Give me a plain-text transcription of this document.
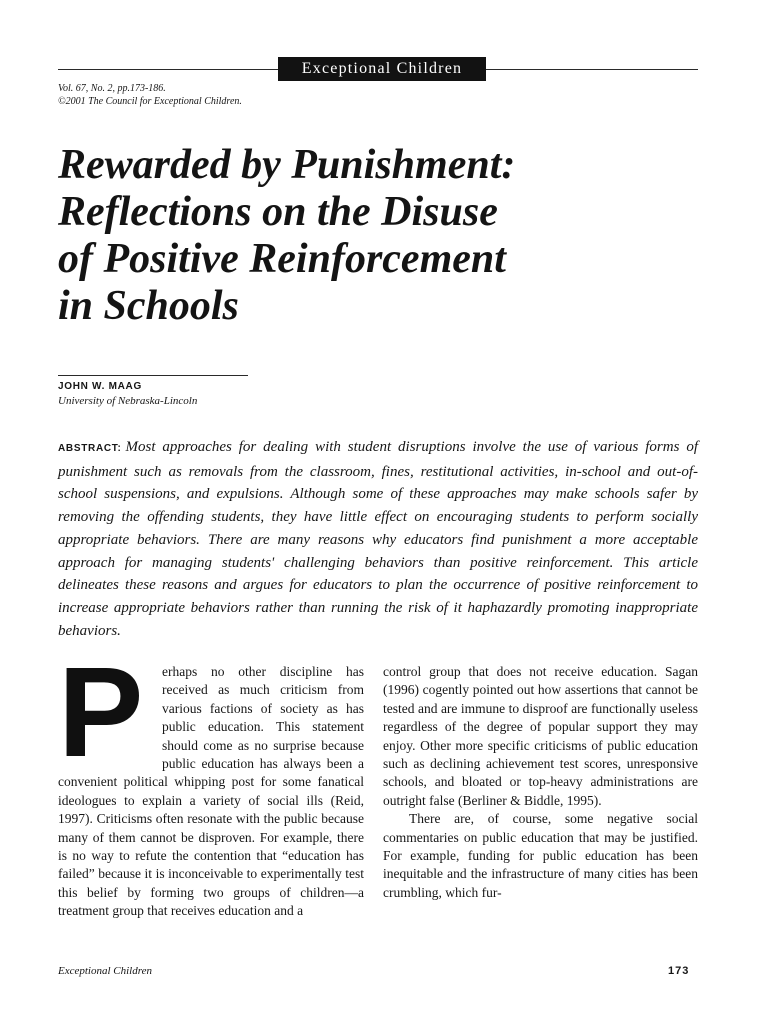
Exceptional Children
Vol. 67, No. 2, pp.173-186.
©2001 The Council for Exceptional Children.
Rewarded by Punishment:
Reflections on the Disuse
of Positive Reinforcement
in Schools
JOHN W. MAAG
University of Nebraska-Lincoln

ABSTRACT: Most approaches for dealing with student disruptions involve the use of various forms of punishment such as removals from the classroom, fines, restitutional activities, in-school and out-of-school suspensions, and expulsions. Although some of these approaches may make schools safer by removing the offending students, they have little effect on encouraging students to perform socially appropriate behaviors. There are many reasons why educators find punishment a more acceptable approach for managing students' challenging behaviors than positive reinforcement. This article delineates these reasons and argues for educators to plan the occurrence of positive reinforcement to increase appropriate behaviors rather than running the risk of it haphazardly promoting inappropriate behaviors.

P	erhaps no other discipline has received as much criticism from various factions of society as has public education. This statement should come as no surprise because public education has always been a convenient political whipping post for some fanatical ideologues to explain a variety of social ills (Reid, 1997). Criticisms often resonate with the public because many of them cannot be disproven. For example, there is no way to refute the contention that “education has failed” because it is inconceivable to experimentally test this belief by forming two groups of children—a treatment group that receives education and a

control group that does not receive education. Sagan (1996) cogently pointed out how assertions that cannot be tested and are immune to disproof are functionally useless regardless of the degree of popular support they may enjoy. Other more specific criticisms of public education such as declining achievement test scores, unresponsive schools, and bloated or top-heavy administrations are outright false (Berliner & Biddle, 1995).

There are, of course, some negative social commentaries on public education that may be justified. For example, funding for public education has been inequitable and the infrastructure of many cities has been crumbling, which fur-

Exceptional Children	173
